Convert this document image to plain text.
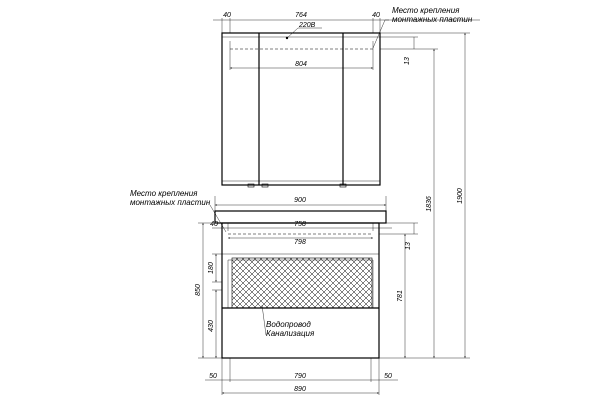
40	764	40
220В
804	13
Место крепления
монтажных пластин
Место крепления
монтажных пластин	900
40	758
798	13
850
180
430	Водопровод
Канализация
50	790	50
890
781
1836
1900
